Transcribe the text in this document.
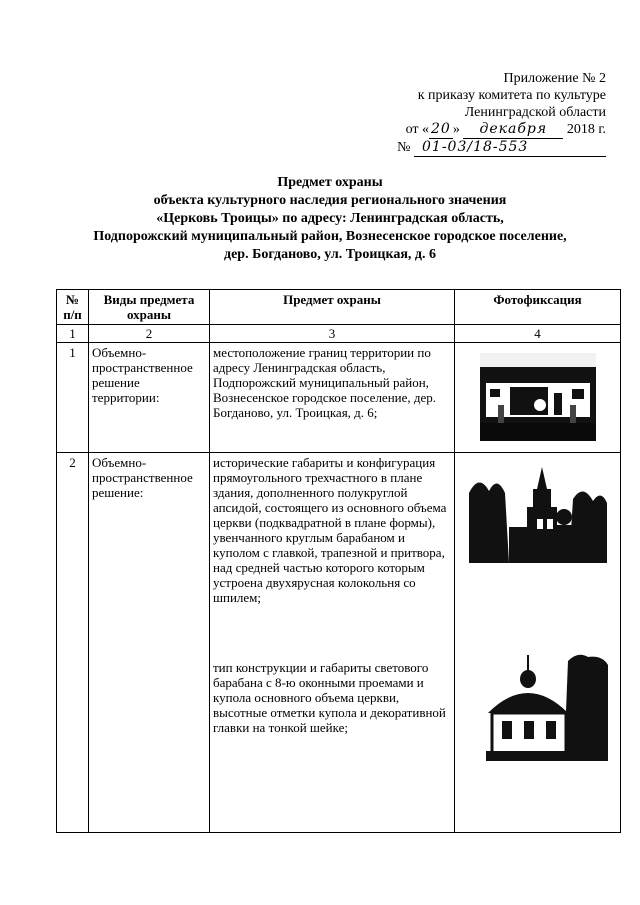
Приложение № 2
к приказу комитета по культуре
Ленинградской области
от « 20 » декабря 2018 г.
№ 01-03/18-553
Предмет охраны
объекта культурного наследия регионального значения
«Церковь Троицы» по адресу: Ленинградская область,
Подпорожский муниципальный район, Вознесенское городское поселение,
дер. Богданово, ул. Троицкая, д. 6
№ п/п	Виды предмета охраны	Предмет охраны	Фотофиксация
1	2	3	4
1	Объемно-пространственное решение территории:	местоположение границ территории по адресу Ленинградская область, Подпорожский муниципальный район, Вознесенское городское поселение, дер. Богданово, ул. Троицкая, д. 6;	

2	Объемно-пространственное решение:	исторические габариты и конфигурация прямоугольного трехчастного в плане здания, дополненного полукруглой апсидой, состоящего из основного объема церкви (подквадратной в плане формы), увенчанного круглым барабаном и куполом с главкой, трапезной и притвора, над средней частью которого которым устроена двухярусная колокольня со шпилем;

тип конструкции и габариты светового барабана с 8-ю оконными проемами и купола основного объема церкви, высотные отметки купола и декоративной главки на тонкой шейке;
